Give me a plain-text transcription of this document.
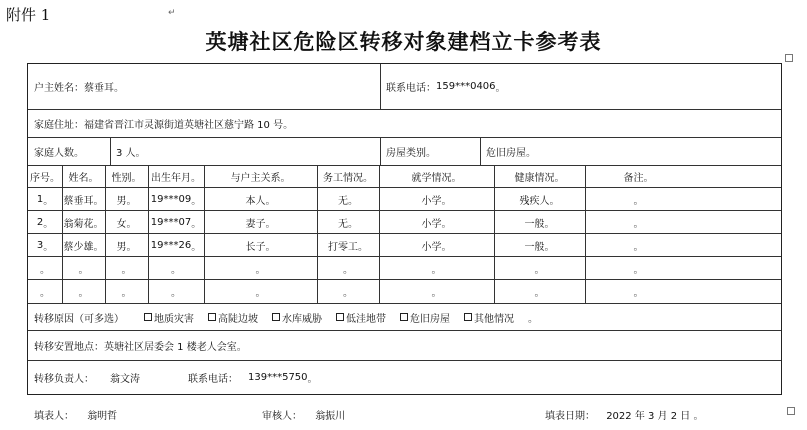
附件 1	↵
英塘社区危险区转移对象建档立卡参考表
户主姓名： 蔡垂耳 。	联系电话： 159***0406 。
家庭住址： 福建省晋江市灵源街道英塘社区慈宁路 10 号 。
家庭人数 。	3 人 。	房屋类别 。	危旧房屋 。
序号 。 姓名 。 性别 。 出生年月 。	与户主关系 。	务工情况 。	就学情况 。	健康情况 。	备注 。
1 。 蔡垂耳 。 男 。 19***09 。	本人 。	无 。	小学 。	残疾人 。	。
2 。 翁菊花 。 女 。 19***07 。	妻子 。	无 。	小学 。	一般 。	。
3 。 蔡少雄 。 男 。 19***26 。	长子 。	打零工 。	小学 。	一般 。	。
。	。	。	。	。	。	。	。	。
。	。	。	。	。	。	。	。	。
转移原因（可多选）	地质灾害 高陡边坡 水库威胁 低洼地带 危旧房屋 其他情况 。
转移安置地点： 英塘社区居委会 1 楼老人会室 。
转移负责人： 翁文涛	联系电话： 139***5750 。
填表人： 翁明哲	审核人： 翁振川	填表日期： 2022 年 3 月 2 日 。
